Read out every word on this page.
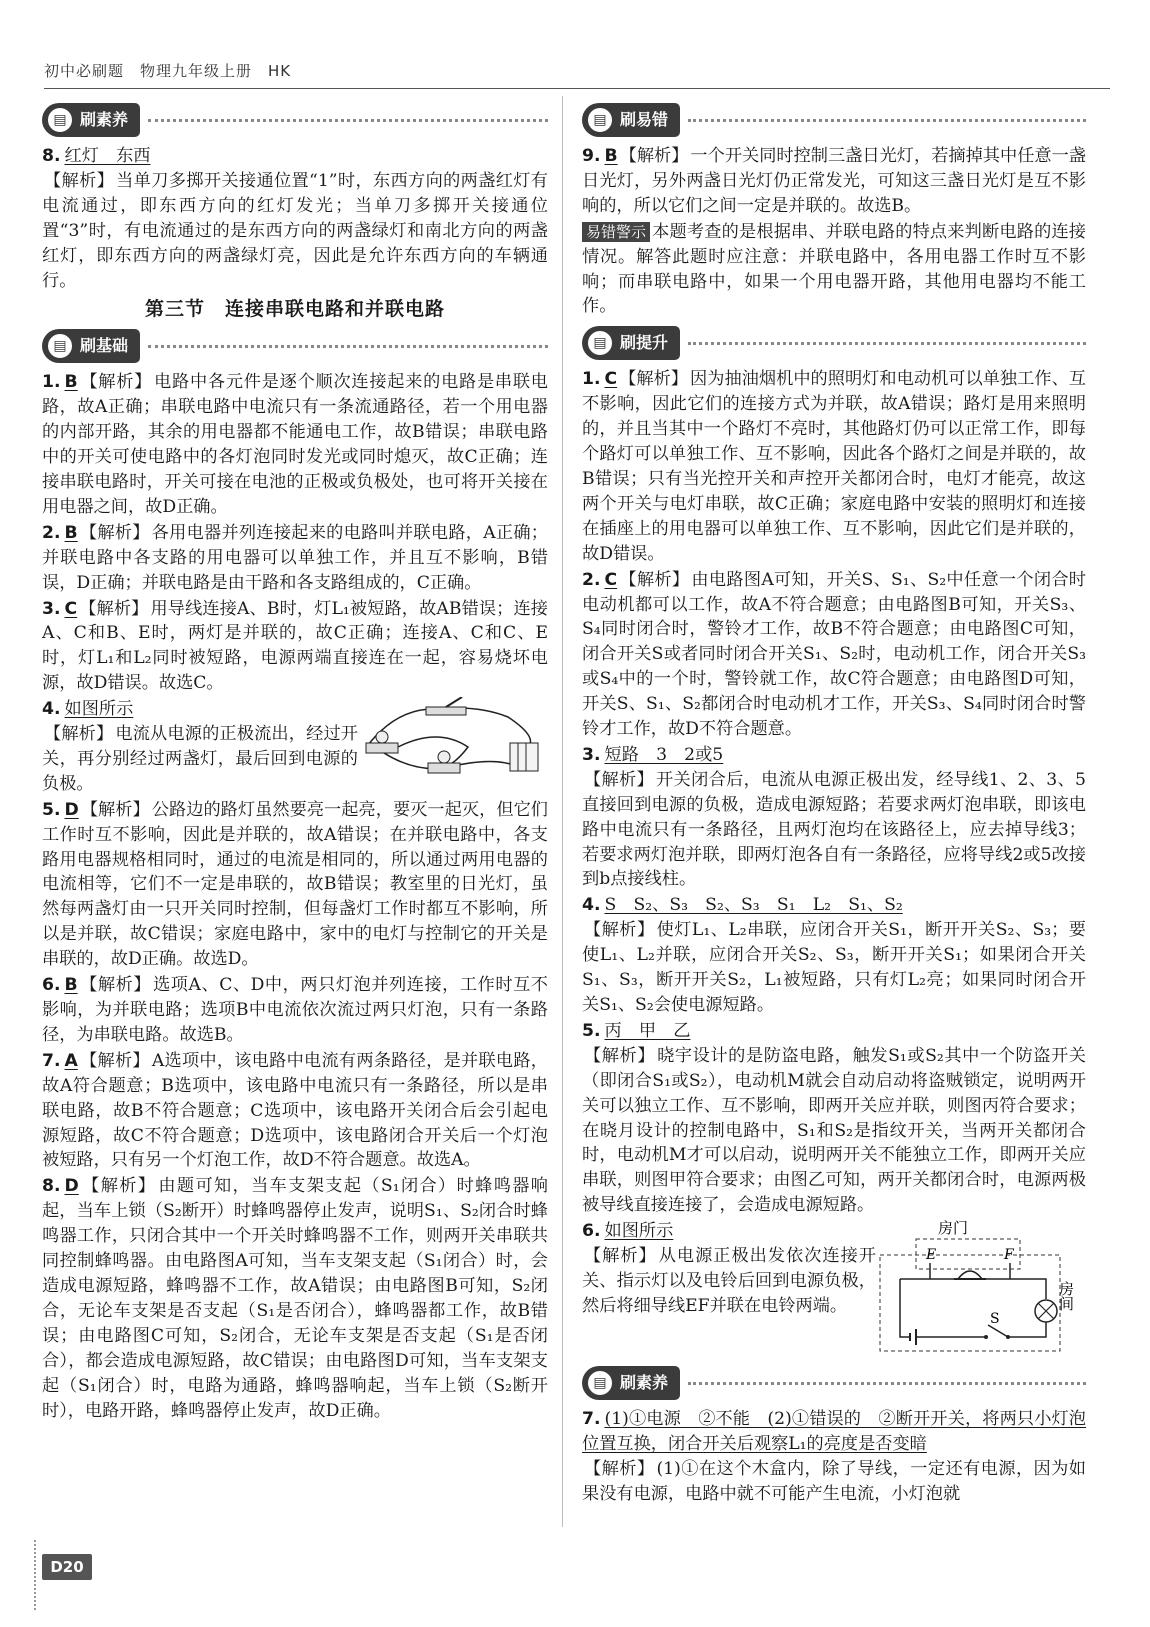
初中必刷题　物理九年级上册　HK
▤ 刷素养
8. 红灯　东西
【解析】 当单刀多掷开关接通位置“1”时，东西方向的两盏红灯有电流通过，即东西方向的红灯发光；当单刀多掷开关接通位置“3”时，有电流通过的是东西方向的两盏绿灯和南北方向的两盏红灯，即东西方向的两盏绿灯亮，因此是允许东西方向的车辆通行。
第三节　连接串联电路和并联电路
▤ 刷基础
1. B 【解析】 电路中各元件是逐个顺次连接起来的电路是串联电路，故A正确；串联电路中电流只有一条流通路径，若一个用电器的内部开路，其余的用电器都不能通电工作，故B错误；串联电路中的开关可使电路中的各灯泡同时发光或同时熄灭，故C正确；连接串联电路时，开关可接在电池的正极或负极处，也可将开关接在用电器之间，故D正确。
2. B 【解析】 各用电器并列连接起来的电路叫并联电路，A正确；并联电路中各支路的用电器可以单独工作，并且互不影响，B错误，D正确；并联电路是由干路和各支路组成的，C正确。
3. C 【解析】 用导线连接A、B时，灯L₁被短路，故AB错误；连接A、C和B、E时，两灯是并联的，故C正确；连接A、C和C、E时，灯L₁和L₂同时被短路，电源两端直接连在一起，容易烧坏电源，故D错误。故选C。
4. 如图所示
【解析】 电流从电源的正极流出，经过开关，再分别经过两盏灯，最后回到电源的负极。
5. D 【解析】 公路边的路灯虽然要亮一起亮，要灭一起灭，但它们工作时互不影响，因此是并联的，故A错误；在并联电路中，各支路用电器规格相同时，通过的电流是相同的，所以通过两用电器的电流相等，它们不一定是串联的，故B错误；教室里的日光灯，虽然每两盏灯由一只开关同时控制，但每盏灯工作时都互不影响，所以是并联，故C错误；家庭电路中，家中的电灯与控制它的开关是串联的，故D正确。故选D。
6. B 【解析】 选项A、C、D中，两只灯泡并列连接，工作时互不影响，为并联电路；选项B中电流依次流过两只灯泡，只有一条路径，为串联电路。故选B。
7. A 【解析】 A选项中，该电路中电流有两条路径，是并联电路，故A符合题意；B选项中，该电路中电流只有一条路径，所以是串联电路，故B不符合题意；C选项中，该电路开关闭合后会引起电源短路，故C不符合题意；D选项中，该电路闭合开关后一个灯泡被短路，只有另一个灯泡工作，故D不符合题意。故选A。
8. D 【解析】 由题可知，当车支架支起（S₁闭合）时蜂鸣器响起，当车上锁（S₂断开）时蜂鸣器停止发声，说明S₁、S₂闭合时蜂鸣器工作，只闭合其中一个开关时蜂鸣器不工作，则两开关串联共同控制蜂鸣器。由电路图A可知，当车支架支起（S₁闭合）时，会造成电源短路，蜂鸣器不工作，故A错误；由电路图B可知，S₂闭合，无论车支架是否支起（S₁是否闭合），蜂鸣器都工作，故B错误；由电路图C可知，S₂闭合，无论车支架是否支起（S₁是否闭合），都会造成电源短路，故C错误；由电路图D可知，当车支架支起（S₁闭合）时，电路为通路，蜂鸣器响起，当车上锁（S₂断开时），电路开路，蜂鸣器停止发声，故D正确。
▤ 刷易错
9. B 【解析】 一个开关同时控制三盏日光灯，若摘掉其中任意一盏日光灯，另外两盏日光灯仍正常发光，可知这三盏日光灯是互不影响的，所以它们之间一定是并联的。故选B。
易错警示 本题考查的是根据串、并联电路的特点来判断电路的连接情况。解答此题时应注意：并联电路中，各用电器工作时互不影响；而串联电路中，如果一个用电器开路，其他用电器均不能工作。
▤ 刷提升
1. C 【解析】 因为抽油烟机中的照明灯和电动机可以单独工作、互不影响，因此它们的连接方式为并联，故A错误；路灯是用来照明的，并且当其中一个路灯不亮时，其他路灯仍可以正常工作，即每个路灯可以单独工作、互不影响，因此各个路灯之间是并联的，故B错误；只有当光控开关和声控开关都闭合时，电灯才能亮，故这两个开关与电灯串联，故C正确；家庭电路中安装的照明灯和连接在插座上的用电器可以单独工作、互不影响，因此它们是并联的，故D错误。
2. C 【解析】 由电路图A可知，开关S、S₁、S₂中任意一个闭合时电动机都可以工作，故A不符合题意；由电路图B可知，开关S₃、S₄同时闭合时，警铃才工作，故B不符合题意；由电路图C可知，闭合开关S或者同时闭合开关S₁、S₂时，电动机工作，闭合开关S₃或S₄中的一个时，警铃就工作，故C符合题意；由电路图D可知，开关S、S₁、S₂都闭合时电动机才工作，开关S₃、S₄同时闭合时警铃才工作，故D不符合题意。
3. 短路　3　2或5
【解析】 开关闭合后，电流从电源正极出发，经导线1、2、3、5直接回到电源的负极，造成电源短路；若要求两灯泡串联，即该电路中电流只有一条路径，且两灯泡均在该路径上，应去掉导线3；若要求两灯泡并联，即两灯泡各自有一条路径，应将导线2或5改接到b点接线柱。
4. S　S₂、S₃　S₂、S₃　S₁　L₂　S₁、S₂
【解析】 使灯L₁、L₂串联，应闭合开关S₁，断开开关S₂、S₃；要使L₁、L₂并联，应闭合开关S₂、S₃，断开开关S₁；如果闭合开关S₁、S₃，断开开关S₂，L₁被短路，只有灯L₂亮；如果同时闭合开关S₁、S₂会使电源短路。
5. 丙　甲　乙
【解析】 晓宇设计的是防盗电路，触发S₁或S₂其中一个防盗开关（即闭合S₁或S₂），电动机M就会自动启动将盗贼锁定，说明两开关可以独立工作、互不影响，即两开关应并联，则图丙符合要求；在晓月设计的控制电路中，S₁和S₂是指纹开关，当两开关都闭合时，电动机M才可以启动，说明两开关不能独立工作，即两开关应串联，则图甲符合要求；由图乙可知，两开关都闭合时，电源两极被导线直接连接了，会造成电源短路。
6. 如图所示
【解析】 从电源正极出发依次连接开关、指示灯以及电铃后回到电源负极，然后将细导线EF并联在电铃两端。
房门
E	F
S
房间
▤ 刷素养
7. (1)①电源　②不能　(2)①错误的　②断开开关，将两只小灯泡位置互换，闭合开关后观察L₁的亮度是否变暗
【解析】 (1)①在这个木盒内，除了导线，一定还有电源，因为如果没有电源，电路中就不可能产生电流，小灯泡就
D20
